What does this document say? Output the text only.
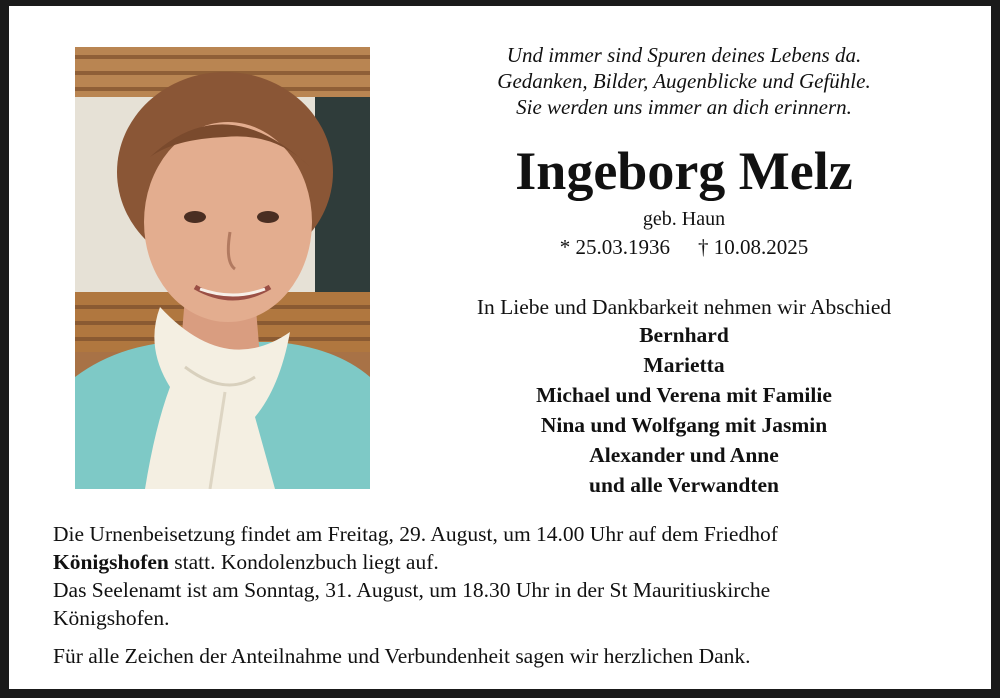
Und immer sind Spuren deines Lebens da.
Gedanken, Bilder, Augenblicke und Gefühle.
Sie werden uns immer an dich erinnern.
Ingeborg Melz
geb. Haun
* 25.03.1936 † 10.08.2025
In Liebe und Dankbarkeit nehmen wir Abschied
Bernhard
Marietta
Michael und Verena mit Familie
Nina und Wolfgang mit Jasmin
Alexander und Anne
und alle Verwandten
Die Urnenbeisetzung findet am Freitag, 29. August, um 14.00 Uhr auf dem Friedhof
Königshofen statt. Kondolenzbuch liegt auf.
Das Seelenamt ist am Sonntag, 31. August, um 18.30 Uhr in der St Mauritiuskirche
Königshofen.
Für alle Zeichen der Anteilnahme und Verbundenheit sagen wir herzlichen Dank.
